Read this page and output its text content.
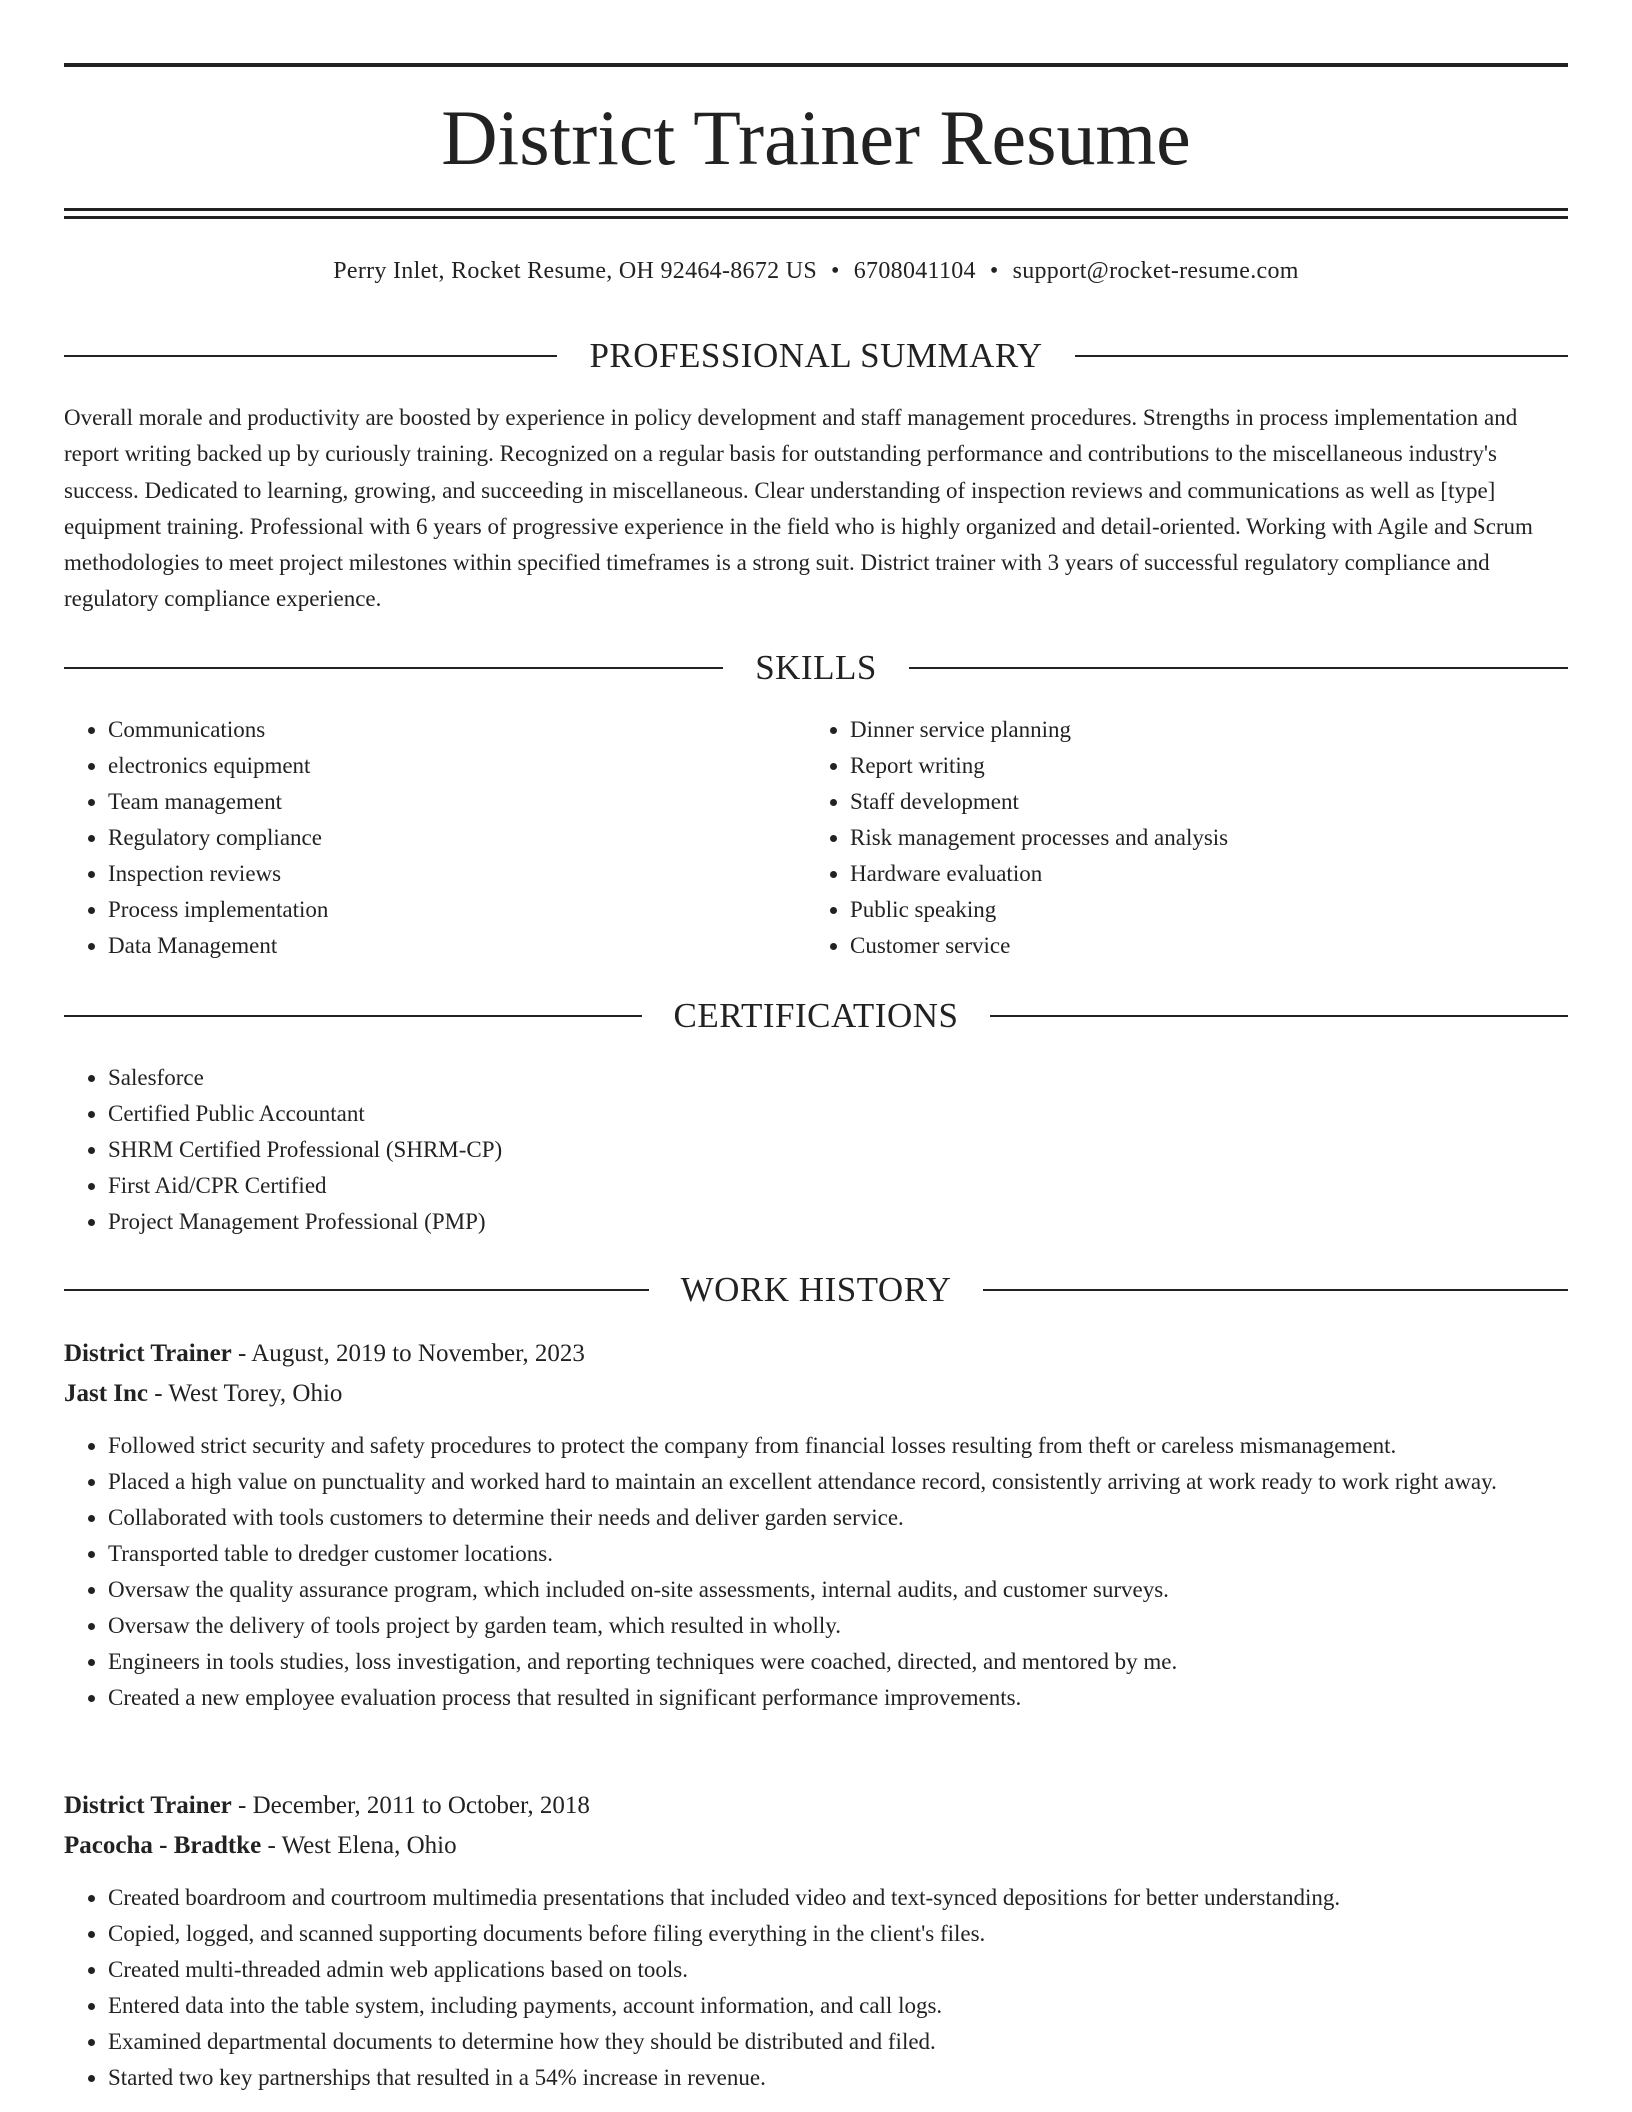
District Trainer Resume
Perry Inlet, Rocket Resume, OH 92464-8672 US • 6708041104 • support@rocket-resume.com
PROFESSIONAL SUMMARY

Overall morale and productivity are boosted by experience in policy development and staff management procedures. Strengths in process implementation and report writing backed up by curiously training. Recognized on a regular basis for outstanding performance and contributions to the miscellaneous industry's success. Dedicated to learning, growing, and succeeding in miscellaneous. Clear understanding of inspection reviews and communications as well as [type] equipment training. Professional with 6 years of progressive experience in the field who is highly organized and detail-oriented. Working with Agile and Scrum methodologies to meet project milestones within specified timeframes is a strong suit. District trainer with 3 years of successful regulatory compliance and regulatory compliance experience.

SKILLS
• Communications
• electronics equipment
• Team management
• Regulatory compliance
• Inspection reviews
• Process implementation
• Data Management
• Dinner service planning
• Report writing
• Staff development
• Risk management processes and analysis
• Hardware evaluation
• Public speaking
• Customer service
CERTIFICATIONS
• Salesforce
• Certified Public Accountant
• SHRM Certified Professional (SHRM-CP)
• First Aid/CPR Certified
• Project Management Professional (PMP)
WORK HISTORY
District Trainer - August, 2019 to November, 2023
Jast Inc - West Torey, Ohio
• Followed strict security and safety procedures to protect the company from financial losses resulting from theft or careless mismanagement.
• Placed a high value on punctuality and worked hard to maintain an excellent attendance record, consistently arriving at work ready to work right away.
• Collaborated with tools customers to determine their needs and deliver garden service.
• Transported table to dredger customer locations.
• Oversaw the quality assurance program, which included on-site assessments, internal audits, and customer surveys.
• Oversaw the delivery of tools project by garden team, which resulted in wholly.
• Engineers in tools studies, loss investigation, and reporting techniques were coached, directed, and mentored by me.
• Created a new employee evaluation process that resulted in significant performance improvements.
District Trainer - December, 2011 to October, 2018
Pacocha - Bradtke - West Elena, Ohio
• Created boardroom and courtroom multimedia presentations that included video and text-synced depositions for better understanding.
• Copied, logged, and scanned supporting documents before filing everything in the client's files.
• Created multi-threaded admin web applications based on tools.
• Entered data into the table system, including payments, account information, and call logs.
• Examined departmental documents to determine how they should be distributed and filed.
• Started two key partnerships that resulted in a 54% increase in revenue.
